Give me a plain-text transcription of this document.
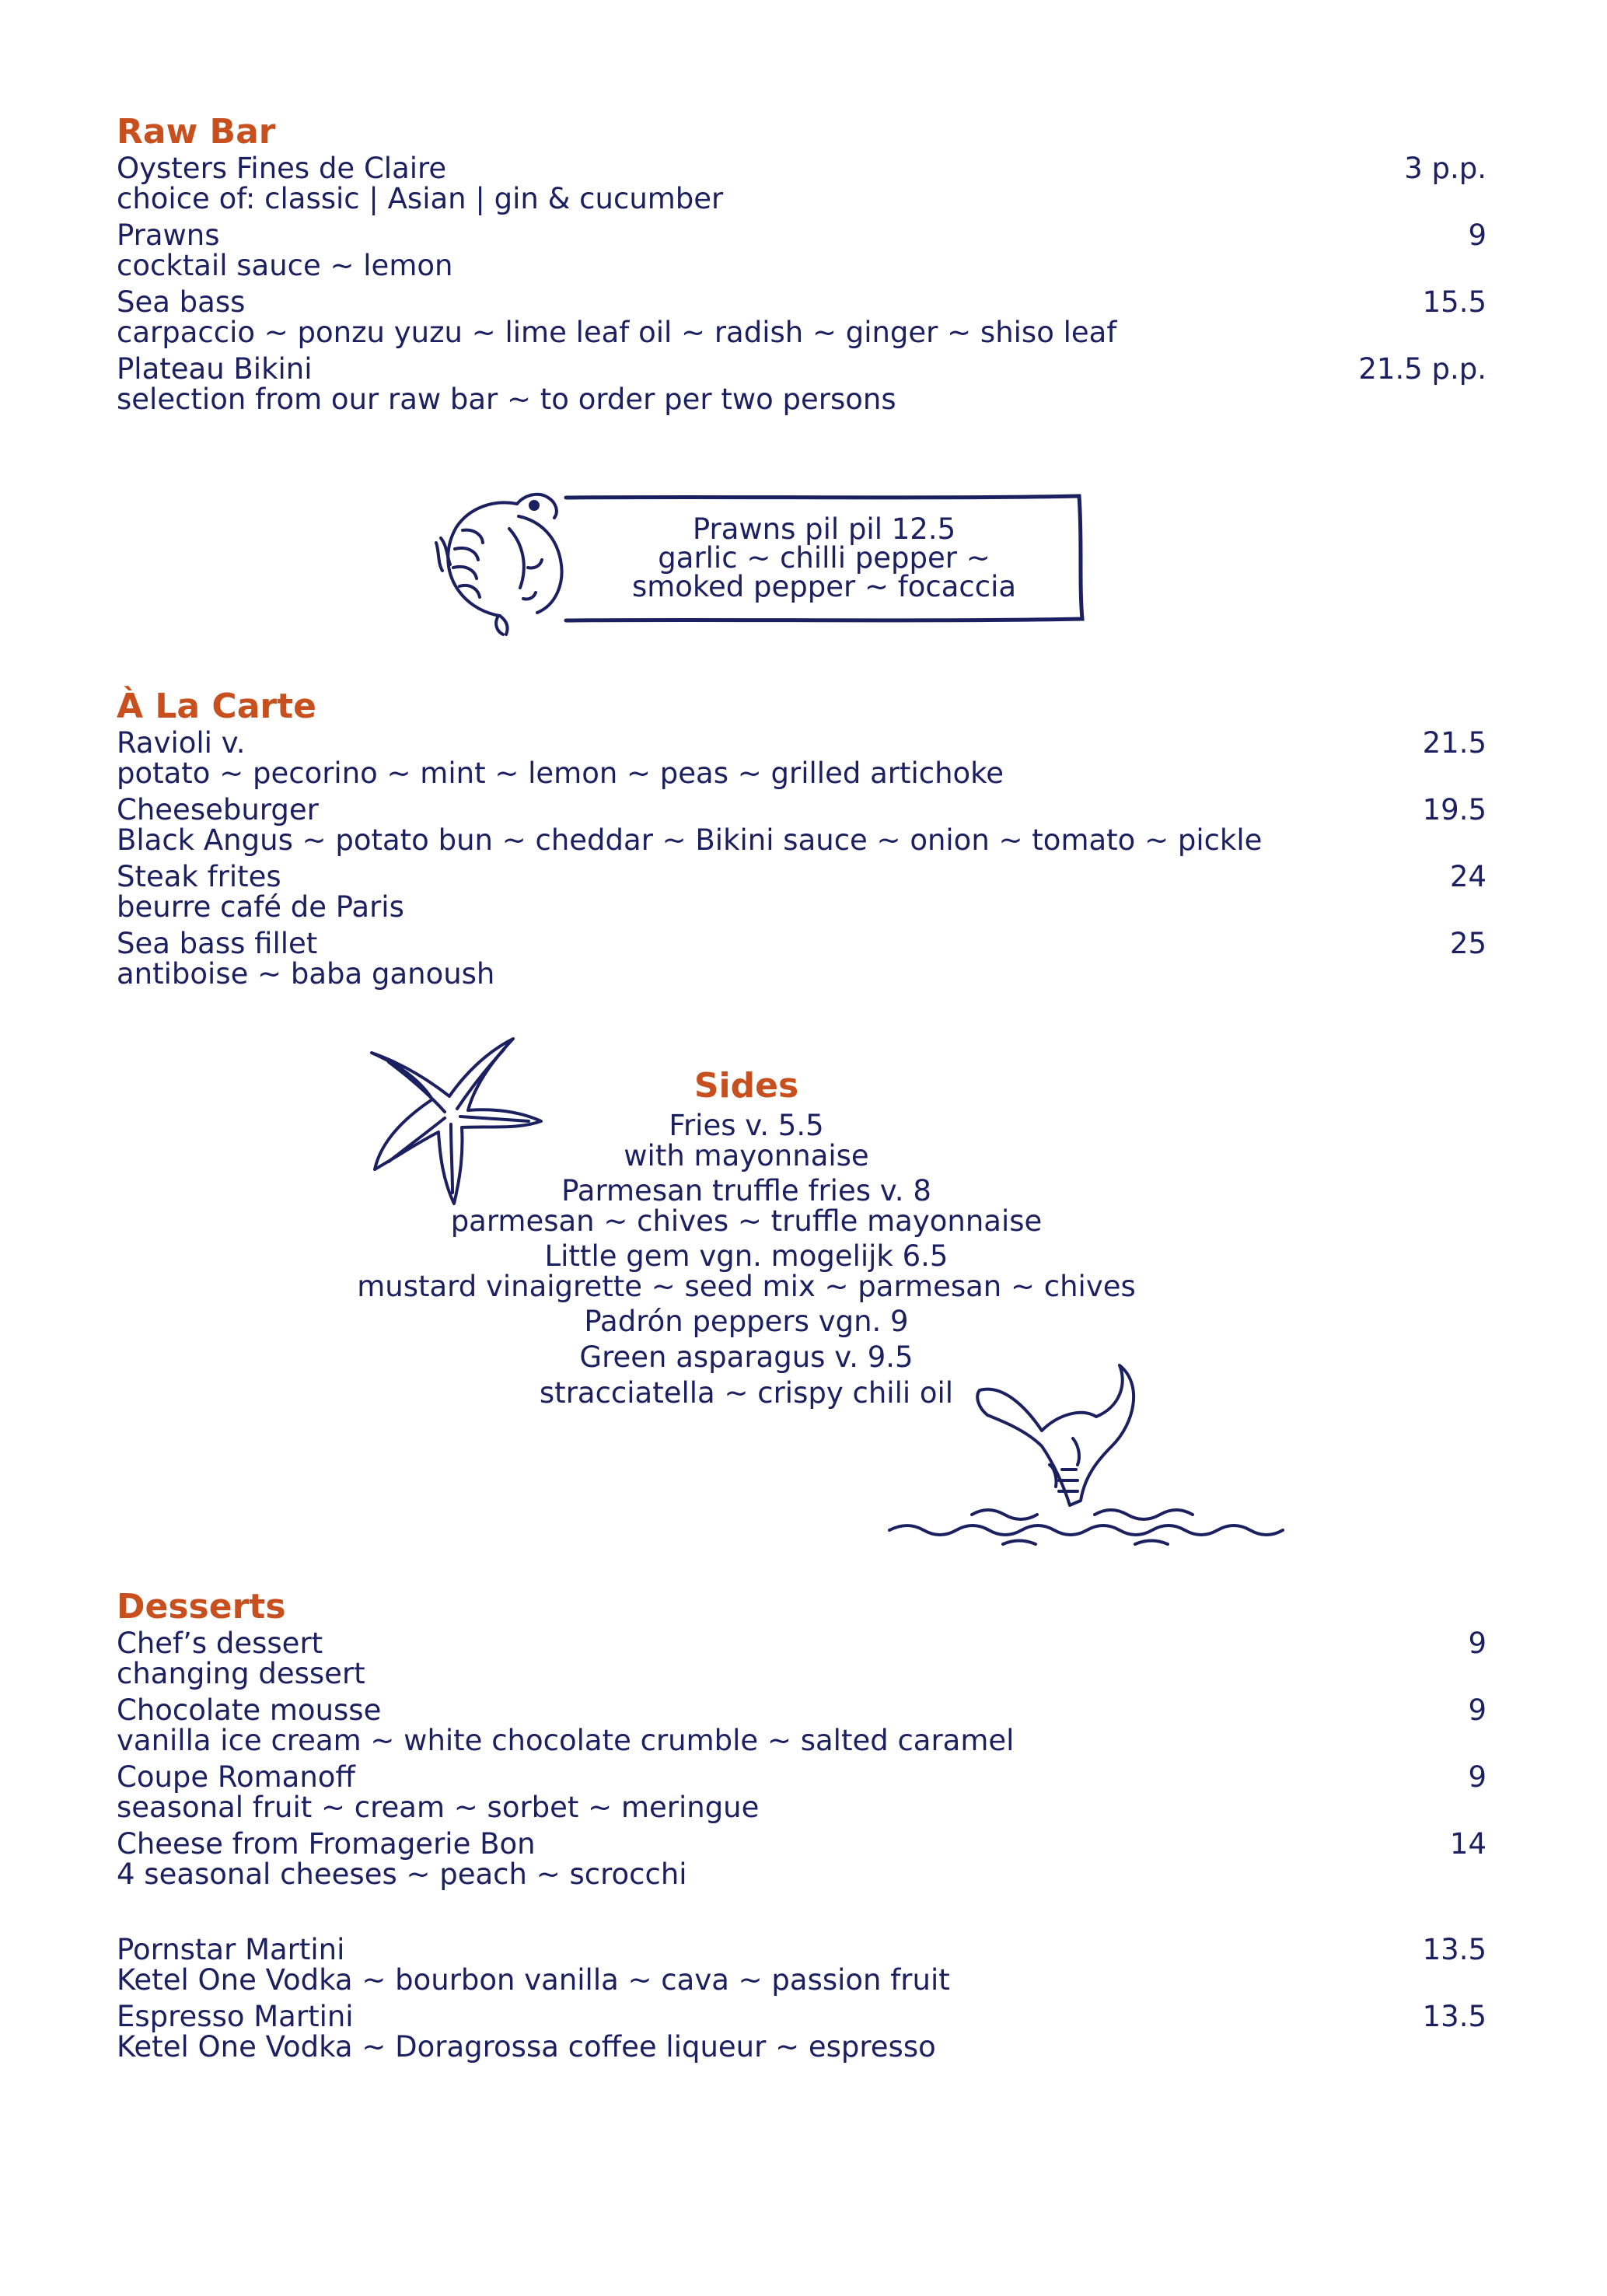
Raw Bar
Oysters Fines de Claire	3 p.p.
choice of: classic | Asian | gin & cucumber
Prawns	9
cocktail sauce ~ lemon
Sea bass	15.5
carpaccio ~ ponzu yuzu ~ lime leaf oil ~ radish ~ ginger ~ shiso leaf
Plateau Bikini	21.5 p.p.
selection from our raw bar ~ to order per two persons
Prawns pil pil 12.5
garlic ~ chilli pepper ~
smoked pepper ~ focaccia
À La Carte
Ravioli v.	21.5
potato ~ pecorino ~ mint ~ lemon ~ peas ~ grilled artichoke
Cheeseburger	19.5
Black Angus ~ potato bun ~ cheddar ~ Bikini sauce ~ onion ~ tomato ~ pickle
Steak frites	24
beurre café de Paris
Sea bass fillet	25
antiboise ~ baba ganoush
Sides
Fries v. 5.5
with mayonnaise
Parmesan truffle fries v. 8
parmesan ~ chives ~ truffle mayonnaise
Little gem vgn. mogelijk 6.5
mustard vinaigrette ~ seed mix ~ parmesan ~ chives
Padrón peppers vgn. 9
Green asparagus v. 9.5
stracciatella ~ crispy chili oil
Desserts
Chef’s dessert	9
changing dessert
Chocolate mousse	9
vanilla ice cream ~ white chocolate crumble ~ salted caramel
Coupe Romanoff	9
seasonal fruit ~ cream ~ sorbet ~ meringue
Cheese from Fromagerie Bon	14
4 seasonal cheeses ~ peach ~ scrocchi
Pornstar Martini	13.5
Ketel One Vodka ~ bourbon vanilla ~ cava ~ passion fruit
Espresso Martini	13.5
Ketel One Vodka ~ Doragrossa coffee liqueur ~ espresso
